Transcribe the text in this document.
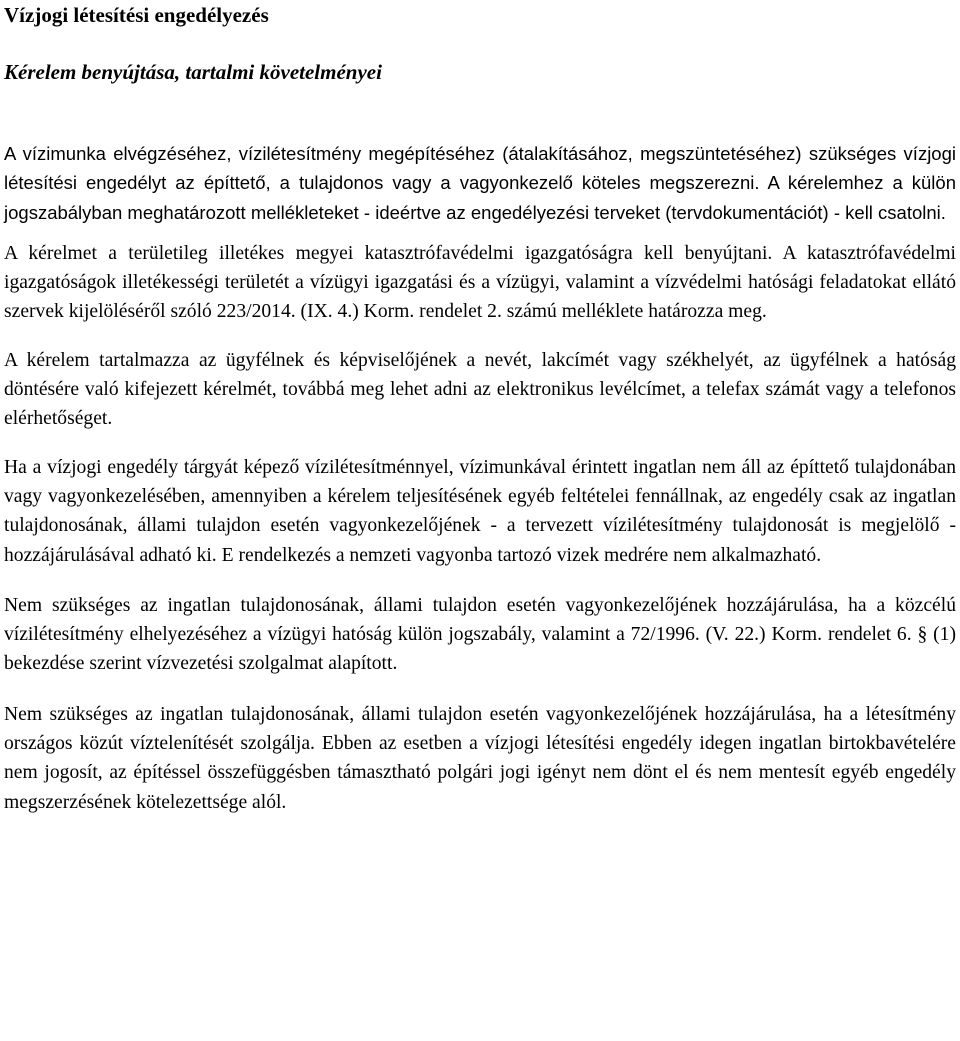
Vízjogi létesítési engedélyezés
Kérelem benyújtása, tartalmi követelményei

A vízimunka elvégzéséhez, vízilétesítmény megépítéséhez (átalakításához, megszüntetéséhez) szükséges vízjogi létesítési engedélyt az építtető, a tulajdonos vagy a vagyonkezelő köteles megszerezni. A kérelemhez a külön jogszabályban meghatározott mellékleteket - ideértve az engedélyezési terveket (tervdokumentációt) - kell csatolni.

A kérelmet a területileg illetékes megyei katasztrófavédelmi igazgatóságra kell benyújtani. A katasztrófavédelmi igazgatóságok illetékességi területét a vízügyi igazgatási és a vízügyi, valamint a vízvédelmi hatósági feladatokat ellátó szervek kijelöléséről szóló 223/2014. (IX. 4.) Korm. rendelet 2. számú melléklete határozza meg.

A kérelem tartalmazza az ügyfélnek és képviselőjének a nevét, lakcímét vagy székhelyét, az ügyfélnek a hatóság döntésére való kifejezett kérelmét, továbbá meg lehet adni az elektronikus levélcímet, a telefax számát vagy a telefonos elérhetőséget.

Ha a vízjogi engedély tárgyát képező vízilétesítménnyel, vízimunkával érintett ingatlan nem áll az építtető tulajdonában vagy vagyonkezelésében, amennyiben a kérelem teljesítésének egyéb feltételei fennállnak, az engedély csak az ingatlan tulajdonosának, állami tulajdon esetén vagyonkezelőjének - a tervezett vízilétesítmény tulajdonosát is megjelölő - hozzájárulásával adható ki. E rendelkezés a nemzeti vagyonba tartozó vizek medrére nem alkalmazható.

Nem szükséges az ingatlan tulajdonosának, állami tulajdon esetén vagyonkezelőjének hozzájárulása, ha a közcélú vízilétesítmény elhelyezéséhez a vízügyi hatóság külön jogszabály, valamint a 72/1996. (V. 22.) Korm. rendelet 6. § (1) bekezdése szerint vízvezetési szolgalmat alapított.

Nem szükséges az ingatlan tulajdonosának, állami tulajdon esetén vagyonkezelőjének hozzájárulása, ha a létesítmény országos közút víztelenítését szolgálja. Ebben az esetben a vízjogi létesítési engedély idegen ingatlan birtokbavételére nem jogosít, az építéssel összefüggésben támasztható polgári jogi igényt nem dönt el és nem mentesít egyéb engedély megszerzésének kötelezettsége alól.
